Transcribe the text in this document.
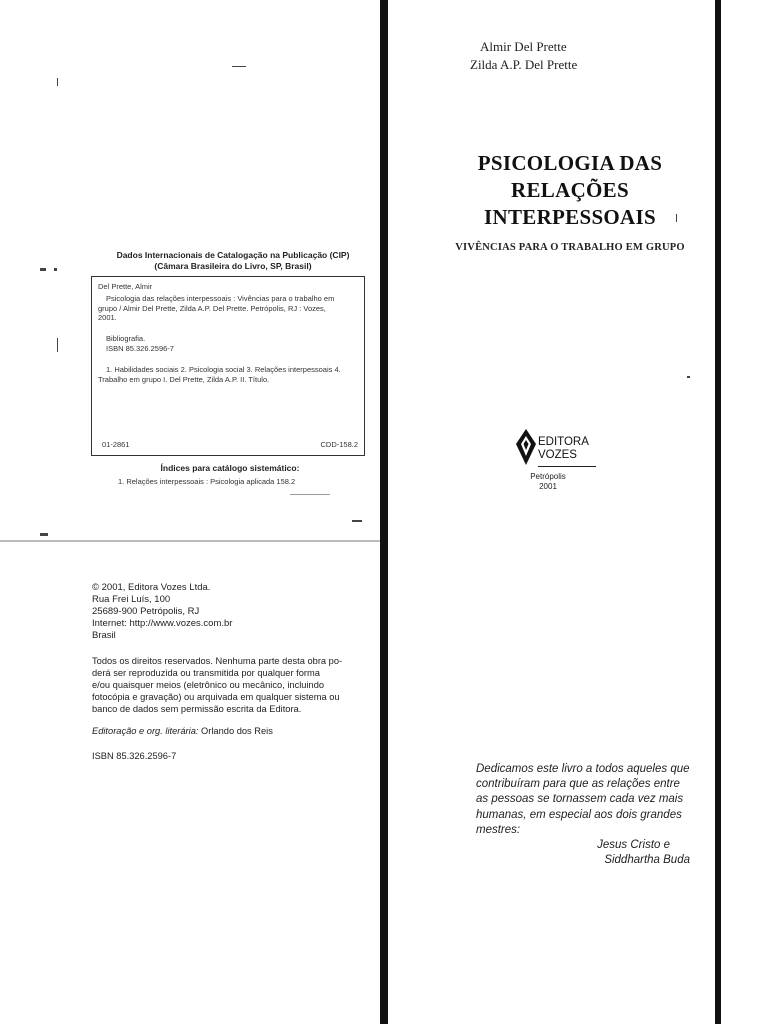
Almir Del Prette
Zilda A.P. Del Prette
PSICOLOGIA DAS
RELAÇÕES
INTERPESSOAIS
VIVÊNCIAS PARA O TRABALHO EM GRUPO
EDITORA
VOZES
Petrópolis
2001
Dados Internacionais de Catalogação na Publicação (CIP)
(Câmara Brasileira do Livro, SP, Brasil)
Del Prette, Almir
Psicologia das relações interpessoais : Vivências para o trabalho em
grupo / Almir Del Prette, Zilda A.P. Del Prette. Petrópolis, RJ : Vozes,
2001.
Bibliografia.
ISBN 85.326.2596-7
1. Habilidades sociais 2. Psicologia social 3. Relações interpessoais 4.
Trabalho em grupo I. Del Prette, Zilda A.P. II. Título.
01-2861	CDD-158.2
Índices para catálogo sistemático:
1. Relações interpessoais : Psicologia aplicada 158.2
© 2001, Editora Vozes Ltda.
Rua Frei Luís, 100
25689-900 Petrópolis, RJ
Internet: http://www.vozes.com.br
Brasil
Todos os direitos reservados. Nenhuma parte desta obra po-
derá ser reproduzida ou transmitida por qualquer forma
e/ou quaisquer meios (eletrônico ou mecânico, incluindo
fotocópia e gravação) ou arquivada em qualquer sistema ou
banco de dados sem permissão escrita da Editora.
Editoração e org. literária: Orlando dos Reis
ISBN 85.326.2596-7
Dedicamos este livro a todos aqueles que
contribuíram para que as relações entre
as pessoas se tornassem cada vez mais
humanas, em especial aos dois grandes
mestres:
Jesus Cristo e
Siddhartha Buda
